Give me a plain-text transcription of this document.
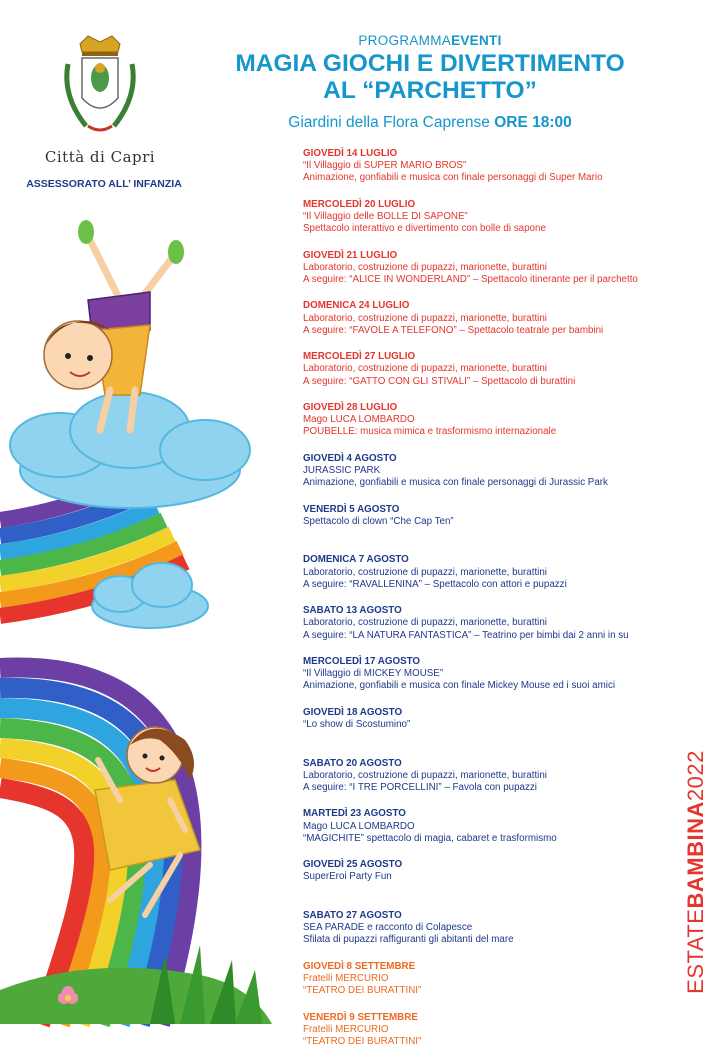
Città di Capri
ASSESSORATO ALL’ INFANZIA
PROGRAMMAEVENTI
MAGIA GIOCHI E DIVERTIMENTO
AL “PARCHETTO”
Giardini della Flora Caprense ORE 18:00
GIOVEDÌ 14 LUGLIO
“Il Villaggio di SUPER MARIO BROS”
Animazione, gonfiabili e musica con finale personaggi di Super Mario
MERCOLEDÌ 20 LUGLIO
“Il Villaggio delle BOLLE DI SAPONE”
Spettacolo interattivo e divertimento con bolle di sapone
GIOVEDÌ 21 LUGLIO
Laboratorio, costruzione di pupazzi, marionette, burattini
A seguire: “ALICE IN WONDERLAND” – Spettacolo itinerante per il parchetto
DOMENICA 24 LUGLIO
Laboratorio, costruzione di pupazzi, marionette, burattini
A seguire: “FAVOLE A TELEFONO” – Spettacolo teatrale per bambini
MERCOLEDÌ 27 LUGLIO
Laboratorio, costruzione di pupazzi, marionette, burattini
A seguire: “GATTO CON GLI STIVALI” – Spettacolo di burattini
GIOVEDÌ 28 LUGLIO
Mago LUCA LOMBARDO
POUBELLE: musica mimica e trasformismo internazionale
GIOVEDÌ 4 AGOSTO
JURASSIC PARK
Animazione, gonfiabili e musica con finale personaggi di Jurassic Park
VENERDÌ 5 AGOSTO
Spettacolo di clown “Che Cap Ten”
DOMENICA 7 AGOSTO
Laboratorio, costruzione di pupazzi, marionette, burattini
A seguire: “RAVALLENINA” – Spettacolo con attori e pupazzi
SABATO 13 AGOSTO
Laboratorio, costruzione di pupazzi, marionette, burattini
A seguire: “LA NATURA FANTASTICA” – Teatrino per bimbi dai 2 anni in su
MERCOLEDÌ 17 AGOSTO
“Il Villaggio di MICKEY MOUSE”
Animazione, gonfiabili e musica con finale Mickey Mouse ed i suoi amici
GIOVEDÌ 18 AGOSTO
“Lo show di Scostumino”
SABATO 20 AGOSTO
Laboratorio, costruzione di pupazzi, marionette, burattini
A seguire: “I TRE PORCELLINI” – Favola con pupazzi
MARTEDÌ 23 AGOSTO
Mago LUCA LOMBARDO
“MAGICHITE” spettacolo di magia, cabaret e trasformismo
GIOVEDÌ 25 AGOSTO
SuperEroi Party Fun
SABATO 27 AGOSTO
SEA PARADE e racconto di Colapesce
Sfilata di pupazzi raffiguranti gli abitanti del mare
GIOVEDÌ 8 SETTEMBRE
Fratelli MERCURIO
“TEATRO DEI BURATTINI”
VENERDÌ 9 SETTEMBRE
Fratelli MERCURIO
“TEATRO DEI BURATTINI”
ESTATEBAMBINA2022
